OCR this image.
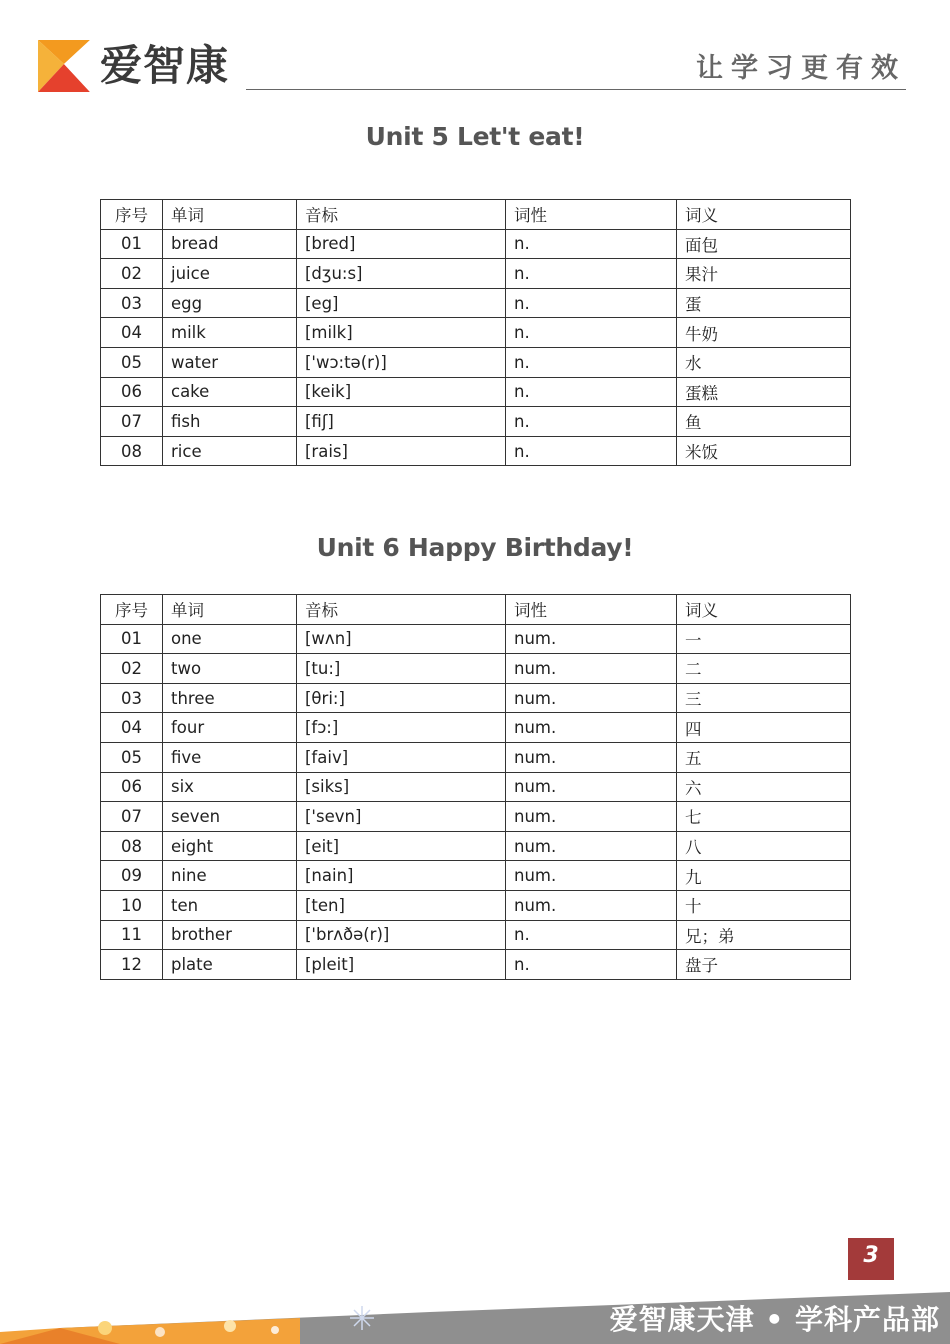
爱智康	让学习更有效
Unit 5 Let't eat!
序号	单词	音标	词性	词义
01	bread	[bred]	n.	面包
02	juice	[dʒu:s]	n.	果汁
03	egg	[eg]	n.	蛋
04	milk	[milk]	n.	牛奶
05	water	['wɔ:tə(r)]	n.	水
06	cake	[keik]	n.	蛋糕
07	fish	[fiʃ]	n.	鱼
08	rice	[rais]	n.	米饭
Unit 6 Happy Birthday!
序号	单词	音标	词性	词义
01	one	[wʌn]	num.	一
02	two	[tu:]	num.	二
03	three	[θri:]	num.	三
04	four	[fɔ:]	num.	四
05	five	[faiv]	num.	五
06	six	[siks]	num.	六
07	seven	['sevn]	num.	七
08	eight	[eit]	num.	八
09	nine	[nain]	num.	九
10	ten	[ten]	num.	十
11	brother	['brʌðə(r)]	n.	兄；弟
12	plate	[pleit]	n.	盘子
3
爱智康天津 • 学科产品部
